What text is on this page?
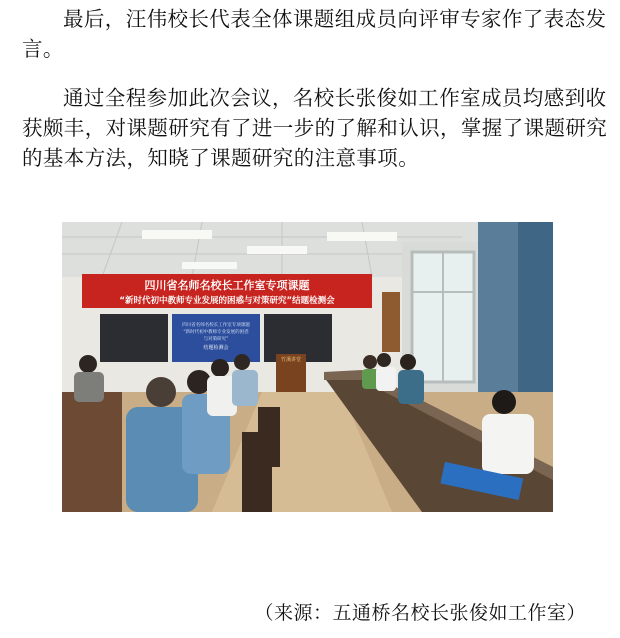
最后，汪伟校长代表全体课题组成员向评审专家作了表态发言。

通过全程参加此次会议，名校长张俊如工作室成员均感到收获颇丰，对课题研究有了进一步的了解和认识，掌握了课题研究的基本方法，知晓了课题研究的注意事项。

四川省名师名校长工作室专项课题
“新时代初中教师专业发展的困惑与对策研究”结题检测会
四川省名师名校长工作室专项课题
“新时代初中教师专业发展的困惑
与对策研究”
结题检测会
竹溪讲堂
（来源：五通桥名校长张俊如工作室）
